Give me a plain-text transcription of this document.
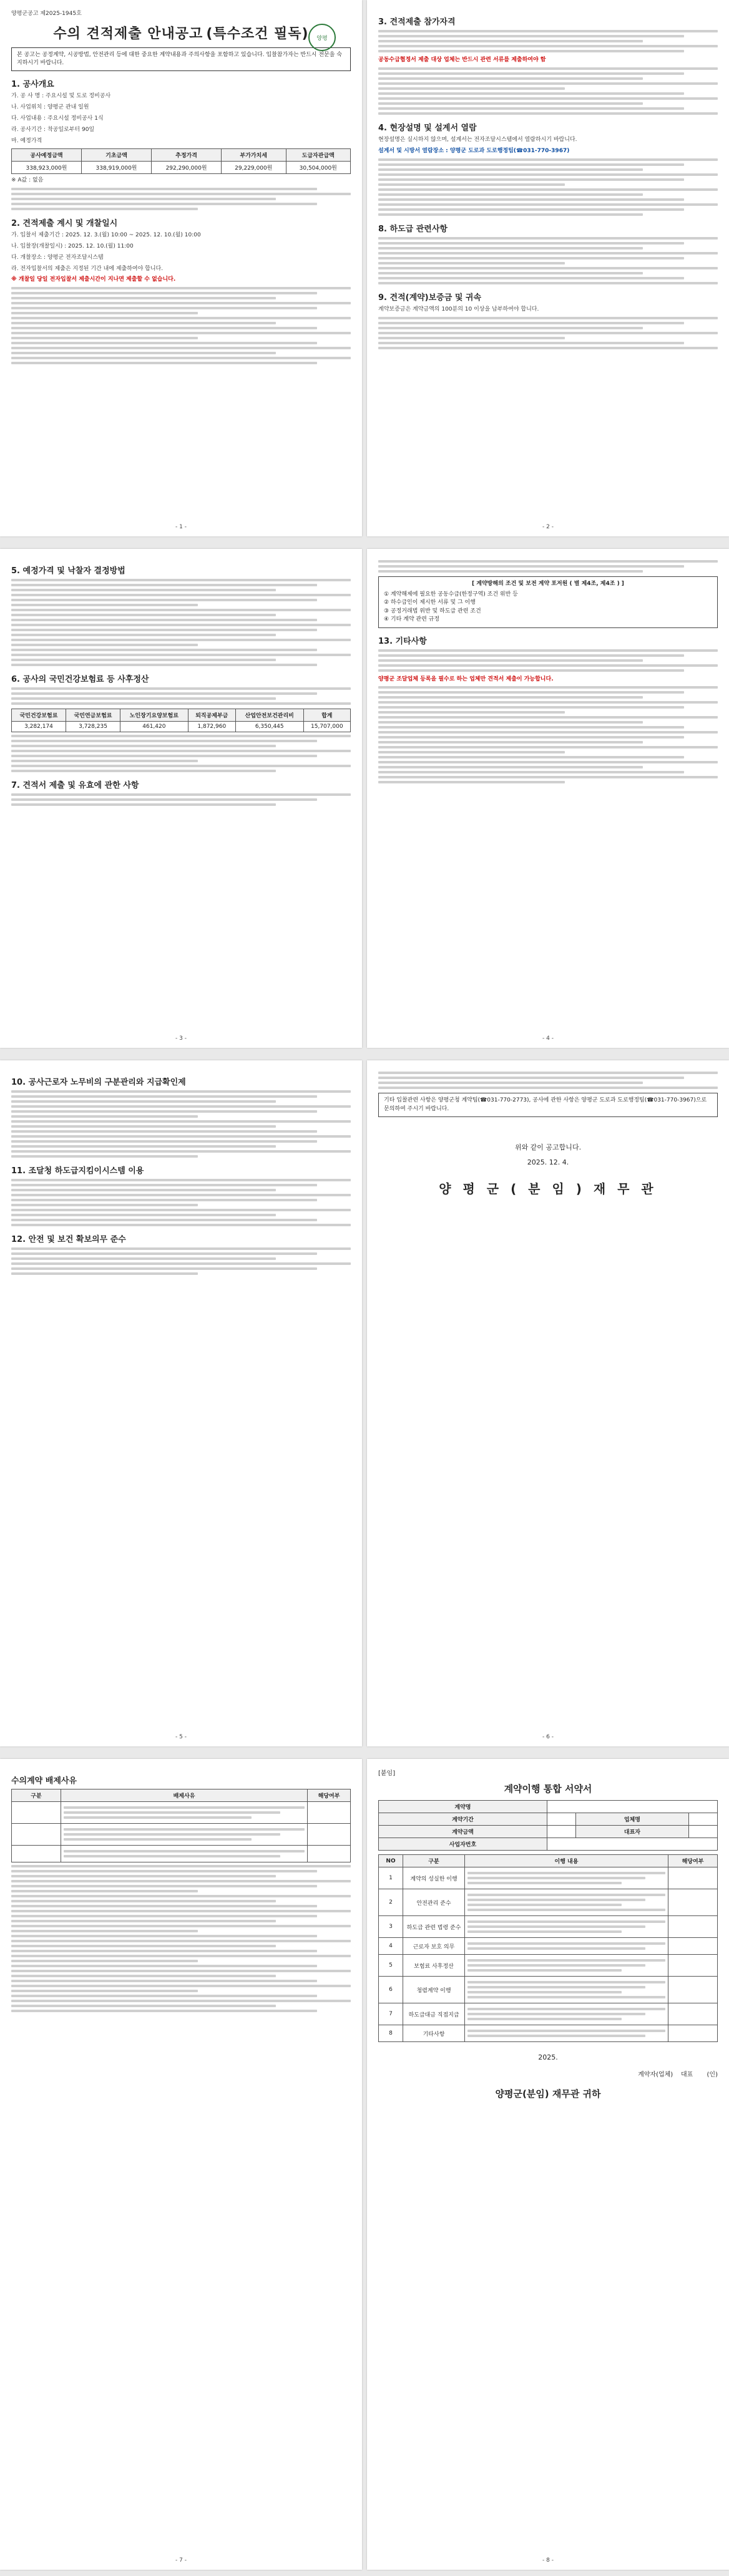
양평군공고 제2025-1945호
양평
수의 견적제출 안내공고 (특수조건 필독)
본 공고는 공정계약, 시공방법, 안전관리 등에 대한 중요한 계약내용과 주의사항을 포함하고 있습니다. 입찰참가자는 반드시 전문을 숙지하시기 바랍니다.
1. 공사개요

가. 공 사 명 : 주요시설 및 도로 정비공사

나. 사업위치 : 양평군 관내 일원

다. 사업내용 : 주요시설 정비공사 1식

라. 공사기간 : 착공일로부터 90일

마. 예정가격

공사예정금액	기초금액	추정가격	부가가치세	도급자관급액
338,923,000원	338,919,000원	292,290,000원	29,229,000원	30,504,000원

※ A값 : 없음

2. 견적제출 계시 및 개찰일시

가. 입찰서 제출기간 : 2025. 12. 3.(월) 10:00 ~ 2025. 12. 10.(월) 10:00

나. 입찰장(개찰일시) : 2025. 12. 10.(월) 11:00

다. 개찰장소 : 양평군 전자조달시스템

라. 전자입찰서의 제출은 지정된 기간 내에 제출하여야 합니다.

※ 개찰일 당일 전자입찰서 제출시간이 지나면 제출할 수 없습니다.

- 1 -
3. 견적제출 참가자격

공동수급협정서 제출 대상 업체는 반드시 관련 서류를 제출하여야 함

4. 현장설명 및 설계서 열람

현장설명은 실시하지 않으며, 설계서는 전자조달시스템에서 열람하시기 바랍니다.

설계서 및 시방서 열람장소 : 양평군 도로과 도로행정팀(☎031-770-3967)

8. 하도급 관련사항
9. 견적(계약)보증금 및 귀속

계약보증금은 계약금액의 100분의 10 이상을 납부하여야 합니다.

- 2 -
5. 예정가격 및 낙찰자 결정방법
6. 공사의 국민건강보험료 등 사후정산
국민건강보험료	국민연금보험료	노인장기요양보험료	퇴직공제부금	산업안전보건관리비	합계
3,282,174	3,728,235	461,420	1,872,960	6,350,445	15,707,000
7. 견적서 제출 및 유효에 관한 사항
- 3 -
[ 계약방해의 조건 및 보전 계약 포저원 ( 별 제4조, 제4조 ) ]
① 계약해제에 필요한 공동수급(한정구역) 조건 위반 등
② 하수급인이 제시한 서류 및 그 이행
③ 공정거래법 위반 및 하도급 관련 조건
④ 기타 계약 관련 규정
13. 기타사항

양평군 조달업체 등록을 필수로 하는 업체만 견적서 제출이 가능합니다.

- 4 -
10. 공사근로자 노무비의 구분관리와 지급확인제
11. 조달청 하도급지킴이시스템 이용
12. 안전 및 보건 확보의무 준수
- 5 -
기타 입찰관련 사항은 양평군청 계약팀(☎031-770-2773), 공사에 관한 사항은 양평군 도로과 도로행정팀(☎031-770-3967)으로 문의하여 주시기 바랍니다.
위와 같이 공고합니다.
2025. 12. 4.
양 평 군 ( 분 임 ) 재 무 관
- 6 -
수의계약 배제사유
구분	배제사유	해당여부

- 7 -
[붙임]
계약이행 통합 서약서
계약명			
계약기간		업체명	
계약금액		대표자	
사업자번호			
NO	구분	이행 내용	해당여부
1	계약의 성실한 이행	

2	안전관리 준수	

3	하도급 관련 법령 준수	

4	근로자 보호 의무	

5	보험료 사후정산	

6	청렴계약 이행	

7	하도급대금 직접지급	

8	기타사항	

2025.
계약자(업체) 대표 (인)
양평군(분임) 재무관 귀하
- 8 -
